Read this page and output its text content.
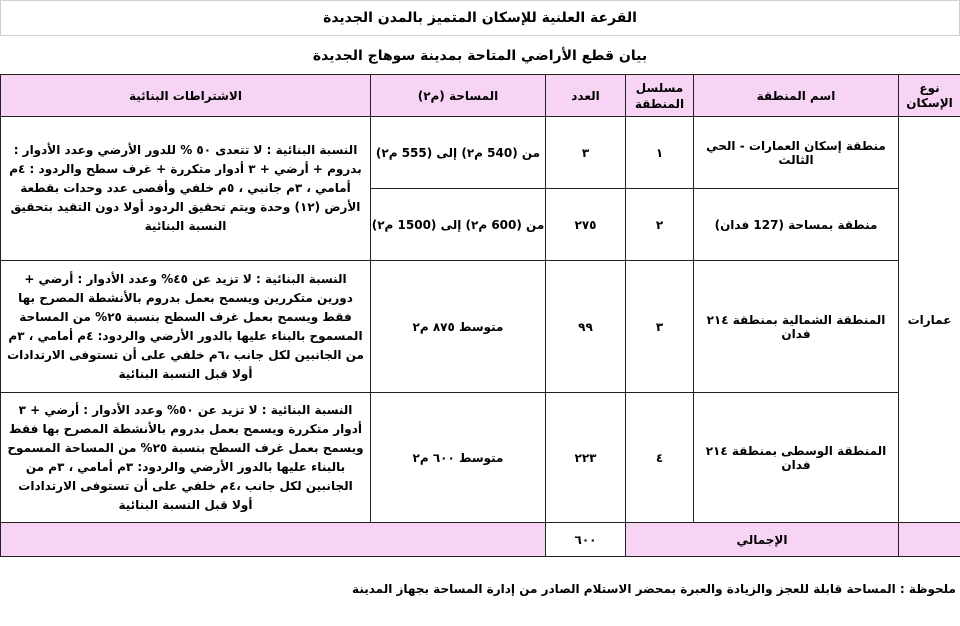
القرعة العلنية للإسكان المتميز بالمدن الجديدة
بيان قطع الأراضي المتاحة بمدينة سوهاج الجديدة
نوع الإسكان	اسم المنطقة	مسلسل المنطقة	العدد	المساحة (م٢)	الاشتراطات البنائية
عمارات	منطقة إسكان العمارات - الحي الثالث	١	٣	من (540 م٢) إلى (555 م٢)	النسبة البنائية : لا تتعدى ٥٠ % للدور الأرضي وعدد الأدوار : بدروم + أرضي + ٣ أدوار متكررة + غرف سطح والردود : ٤م أمامي ، ٣م جانبي ، ٥م خلفي وأقصى عدد وحدات بقطعة الأرض (١٢) وحدة ويتم تحقيق الردود أولا دون التقيد بتحقيق النسبة البنائية
	منطقة بمساحة (127 فدان)	٢	٢٧٥	من (600 م٢) إلى (1500 م٢)	
	المنطقة الشمالية بمنطقة ٢١٤ فدان	٣	٩٩	متوسط ٨٧٥ م٢	النسبة البنائية : لا تزيد عن ٤٥% وعدد الأدوار : أرضي + دورين متكررين ويسمح بعمل بدروم بالأنشطة المصرح بها فقط ويسمح بعمل غرف السطح بنسبة ٢٥% من المساحة المسموح بالبناء عليها بالدور الأرضي والردود: ٤م أمامي ، ٣م من الجانبين لكل جانب ،٦م خلفي على أن تستوفى الارتدادات أولا قبل النسبة البنائية
	المنطقة الوسطى بمنطقة ٢١٤ فدان	٤	٢٢٣	متوسط ٦٠٠ م٢	النسبة البنائية : لا تزيد عن ٥٠% وعدد الأدوار : أرضي + ٣ أدوار متكررة ويسمح بعمل بدروم بالأنشطة المصرح بها فقط ويسمح بعمل غرف السطح بنسبة ٢٥% من المساحة المسموح بالبناء عليها بالدور الأرضي والردود: ٣م أمامي ، ٣م من الجانبين لكل جانب ،٤م خلفي على أن تستوفى الارتدادات أولا قبل النسبة البنائية
	الإجمالي		٦٠٠		
ملحوظة : المساحة قابلة للعجز والزيادة والعبرة بمحضر الاستلام الصادر من إدارة المساحة بجهاز المدينة
